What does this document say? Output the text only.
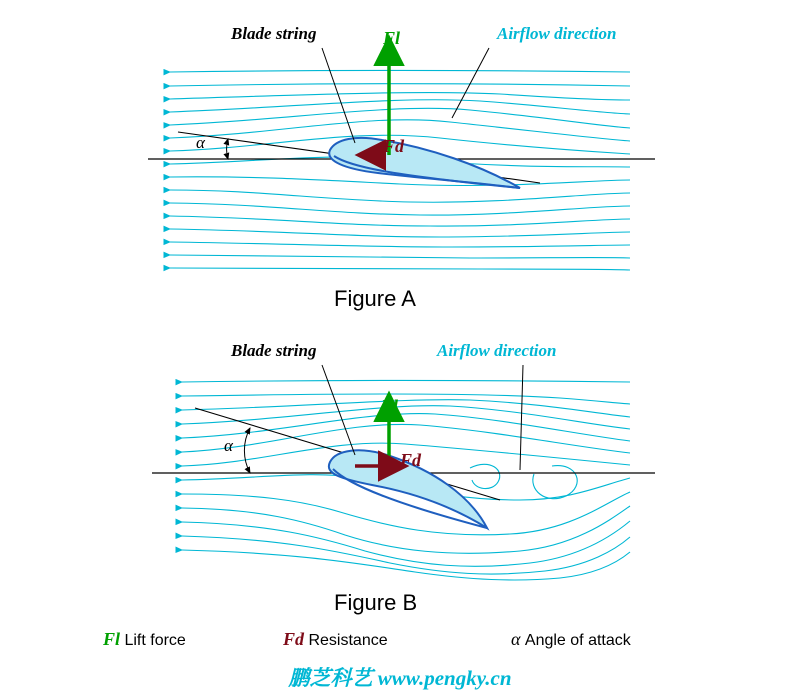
Blade string	Airflow direction
Fl
Fd
α
Figure A
Blade string	Airflow direction
Fl
Fd
α
Figure B
Fl Lift force	Fd Resistance	α Angle of attack
鹏芝科艺 www.pengky.cn
